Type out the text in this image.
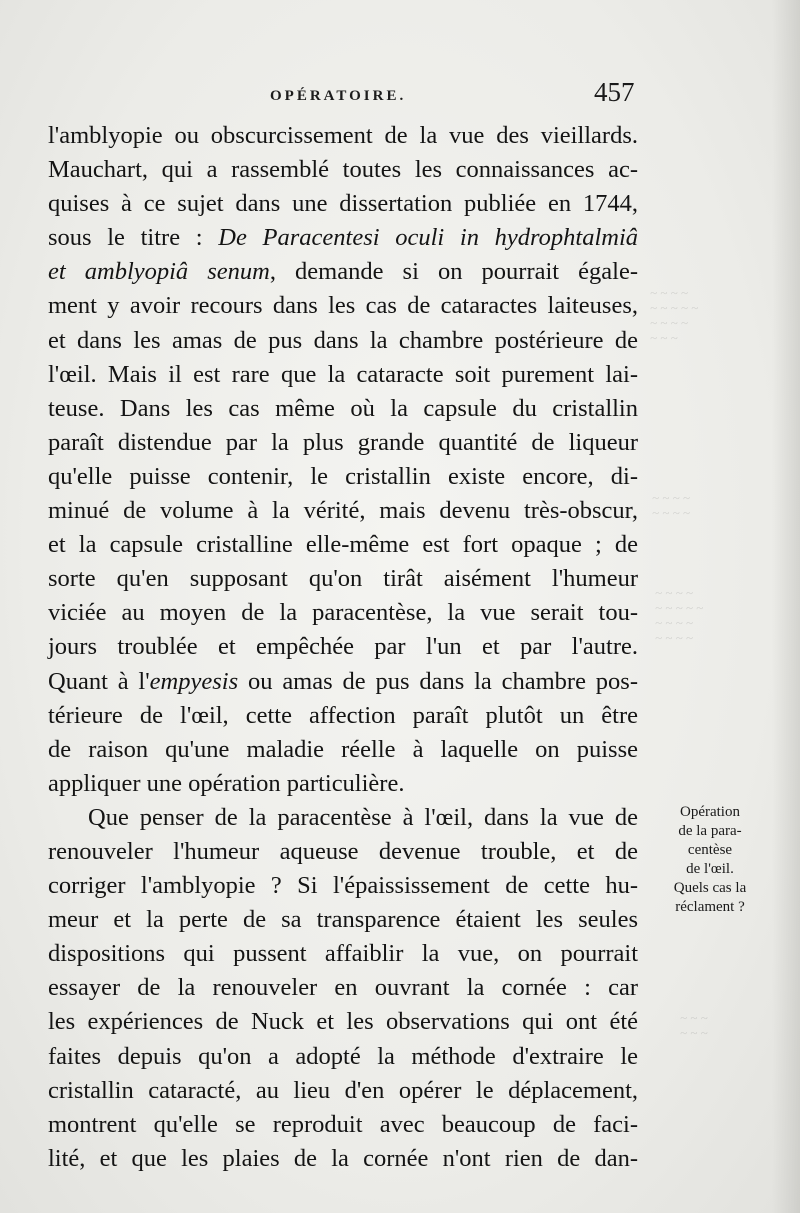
~ ~ ~ ~
~ ~ ~ ~ ~
~ ~ ~ ~
~ ~ ~
~ ~ ~ ~
~ ~ ~ ~
~ ~ ~ ~
~ ~ ~ ~ ~
~ ~ ~ ~
~ ~ ~ ~
~ ~ ~
~ ~ ~
OPÉRATOIRE.	457
l'amblyopie ou obscurcissement de la vue des vieillards.
Mauchart, qui a rassemblé toutes les connaissances ac-
quises à ce sujet dans une dissertation publiée en 1744,
sous le titre : De Paracentesi oculi in hydrophtalmiâ
et amblyopiâ senum, demande si on pourrait égale-
ment y avoir recours dans les cas de cataractes laiteuses,
et dans les amas de pus dans la chambre postérieure de
l'œil. Mais il est rare que la cataracte soit purement lai-
teuse. Dans les cas même où la capsule du cristallin
paraît distendue par la plus grande quantité de liqueur
qu'elle puisse contenir, le cristallin existe encore, di-
minué de volume à la vérité, mais devenu très-obscur,
et la capsule cristalline elle-même est fort opaque ; de
sorte qu'en supposant qu'on tirât aisément l'humeur
viciée au moyen de la paracentèse, la vue serait tou-
jours troublée et empêchée par l'un et par l'autre.
Quant à l'empyesis ou amas de pus dans la chambre pos-
térieure de l'œil, cette affection paraît plutôt un être
de raison qu'une maladie réelle à laquelle on puisse
appliquer une opération particulière.
Que penser de la paracentèse à l'œil, dans la vue de
renouveler l'humeur aqueuse devenue trouble, et de
corriger l'amblyopie ? Si l'épaississement de cette hu-
meur et la perte de sa transparence étaient les seules
dispositions qui pussent affaiblir la vue, on pourrait
essayer de la renouveler en ouvrant la cornée : car
les expériences de Nuck et les observations qui ont été
faites depuis qu'on a adopté la méthode d'extraire le
cristallin cataracté, au lieu d'en opérer le déplacement,
montrent qu'elle se reproduit avec beaucoup de faci-
lité, et que les plaies de la cornée n'ont rien de dan-
Opération
de la para-
centèse
de l'œil.
Quels cas la
réclament ?
